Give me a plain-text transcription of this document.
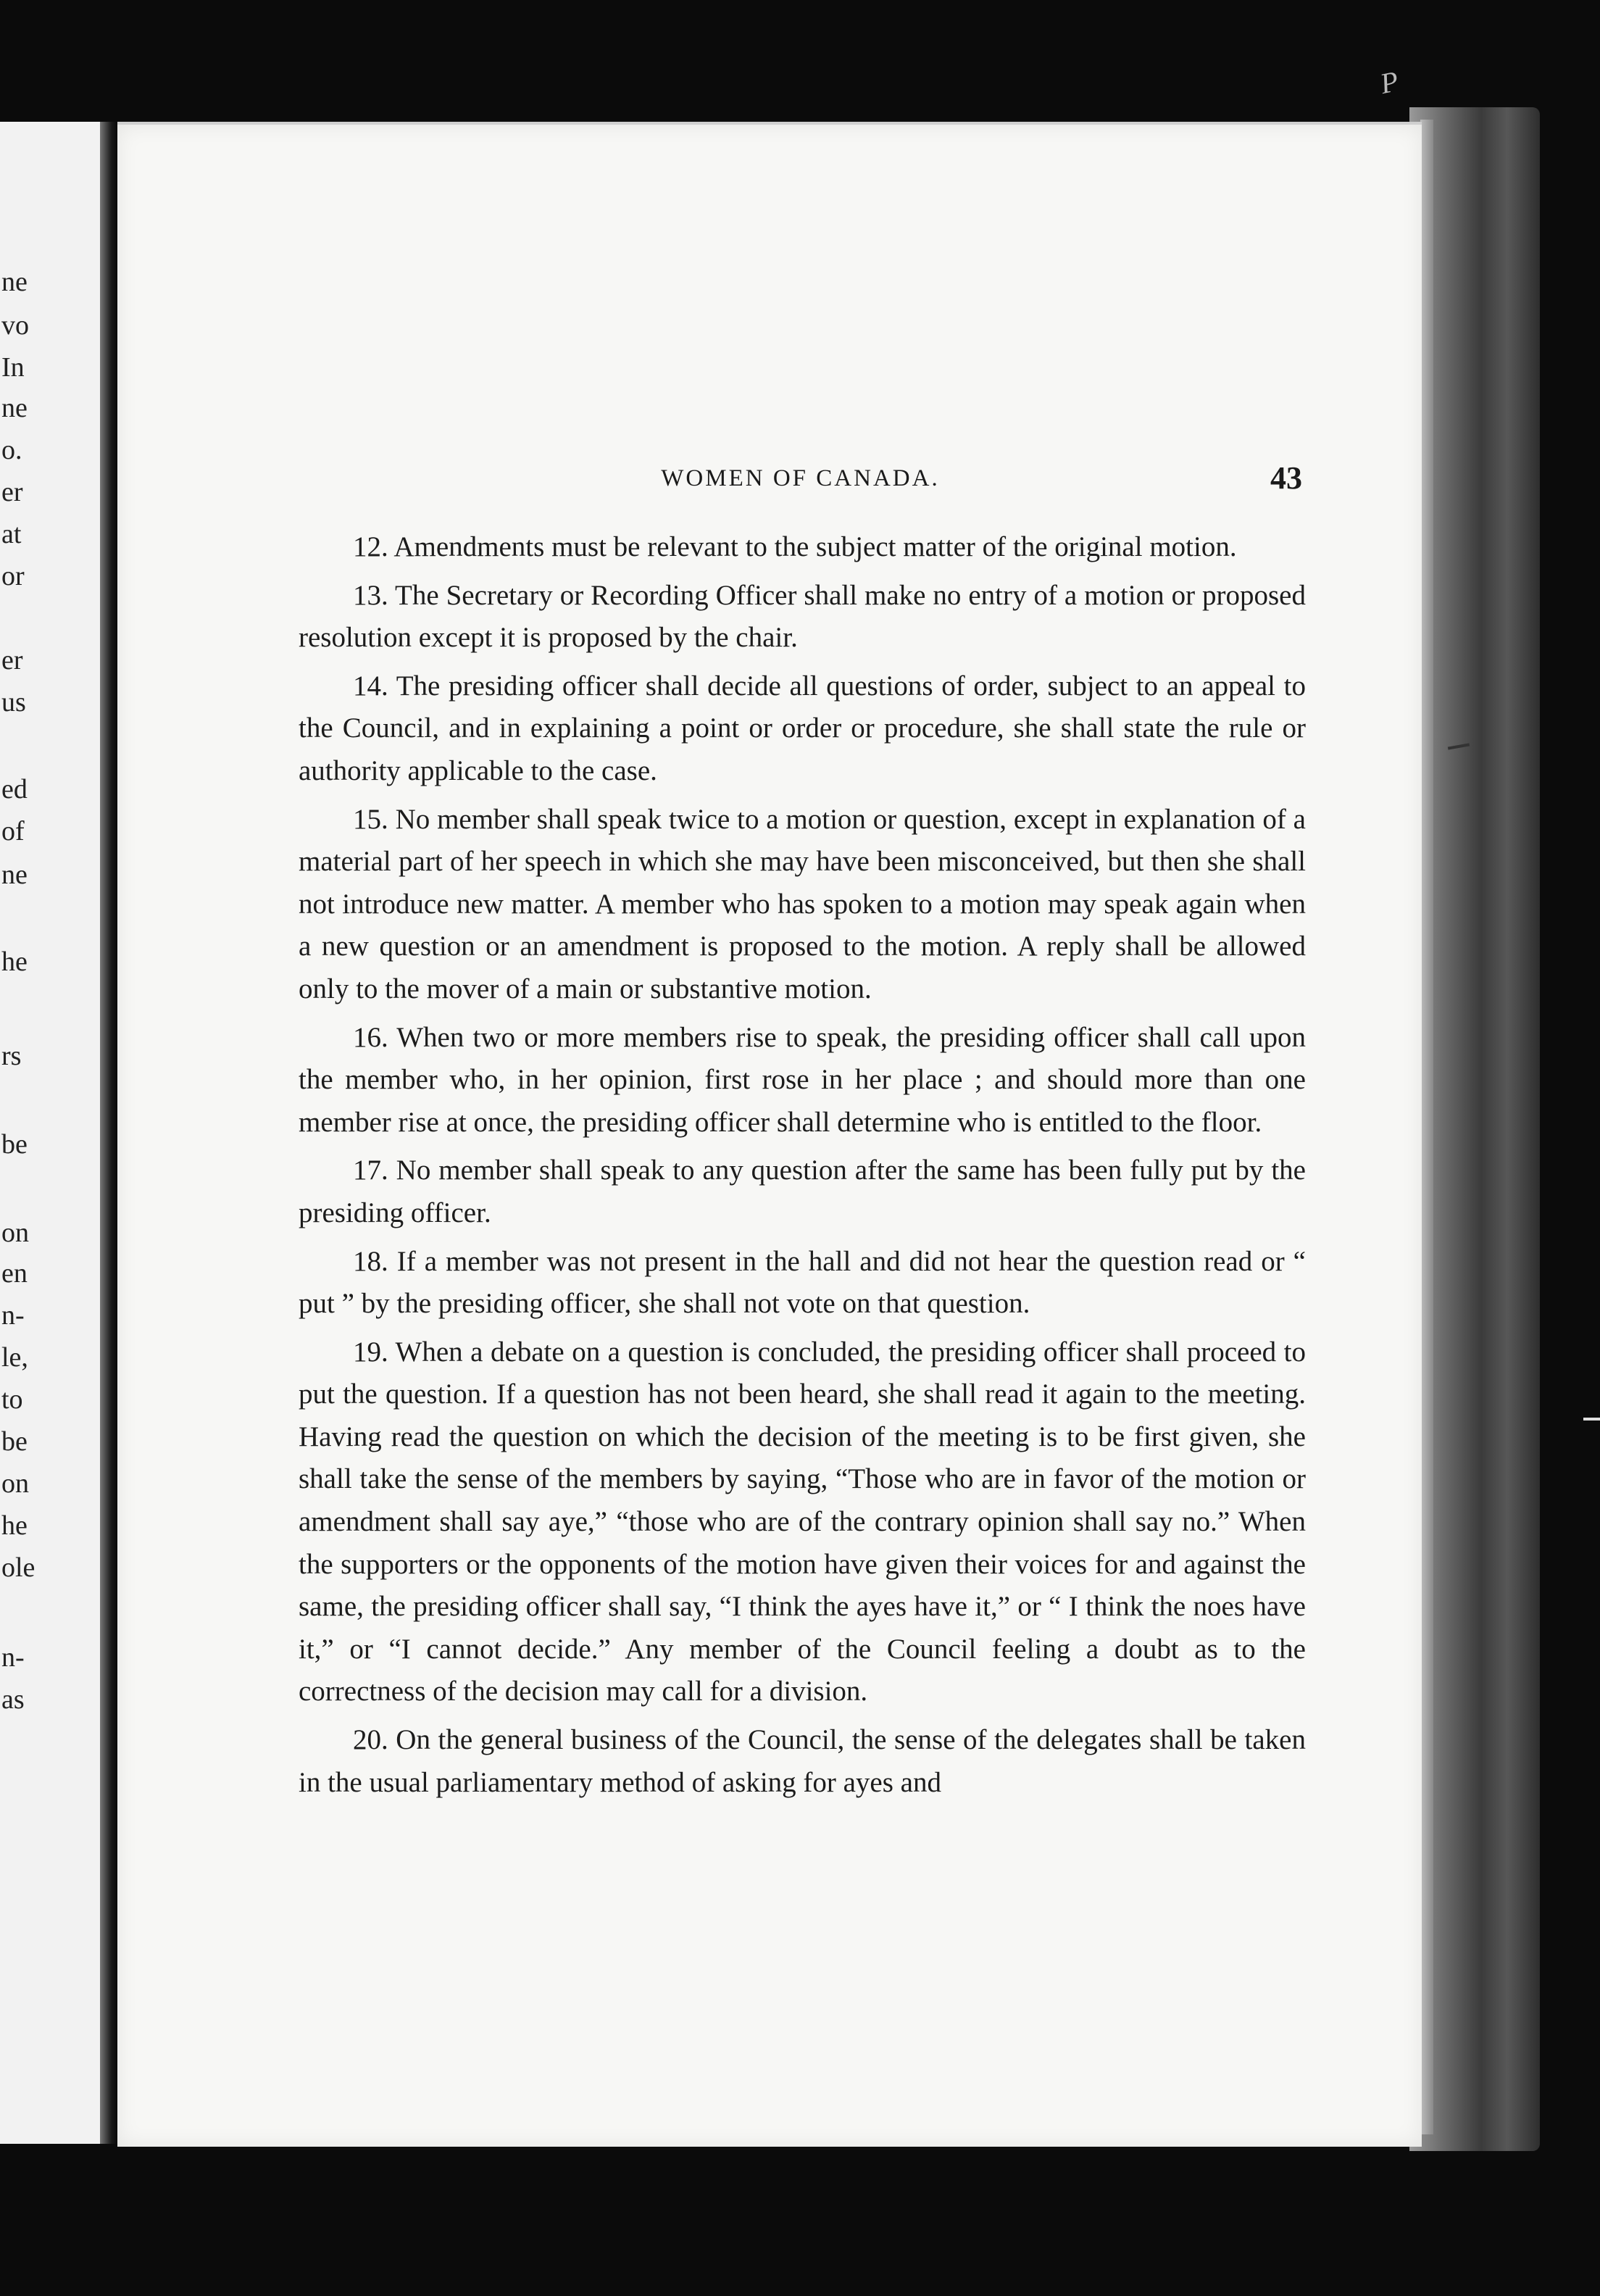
ne
vo
In
ne
o.
er
at
or
er
us
ed
of
ne
he
rs
be
on
en
n-
le,
to
be
on
he
ole
n-
as
P
WOMEN OF CANADA.	43

12. Amendments must be relevant to the subject matter of the original motion.

13. The Secretary or Recording Officer shall make no entry of a motion or proposed resolution except it is proposed by the chair.

14. The presiding officer shall decide all questions of order, subject to an appeal to the Council, and in explaining a point or order or procedure, she shall state the rule or authority applicable to the case.

15. No member shall speak twice to a motion or question, except in explanation of a material part of her speech in which she may have been misconceived, but then she shall not introduce new matter. A member who has spoken to a motion may speak again when a new question or an amendment is proposed to the motion. A reply shall be allowed only to the mover of a main or substantive motion.

16. When two or more members rise to speak, the presiding officer shall call upon the member who, in her opinion, first rose in her place ; and should more than one member rise at once, the presiding officer shall determine who is entitled to the floor.

17. No member shall speak to any question after the same has been fully put by the presiding officer.

18. If a member was not present in the hall and did not hear the question read or “ put ” by the presiding officer, she shall not vote on that question.

19. When a debate on a question is concluded, the presiding officer shall proceed to put the question. If a question has not been heard, she shall read it again to the meeting. Having read the question on which the decision of the meeting is to be first given, she shall take the sense of the members by saying, “Those who are in favor of the motion or amendment shall say aye,” “those who are of the contrary opinion shall say no.” When the supporters or the opponents of the motion have given their voices for and against the same, the presiding officer shall say, “I think the ayes have it,” or “ I think the noes have it,” or “I cannot decide.” Any member of the Council feeling a doubt as to the correctness of the decision may call for a division.

20. On the general business of the Council, the sense of the delegates shall be taken in the usual parliamentary method of asking for ayes and
